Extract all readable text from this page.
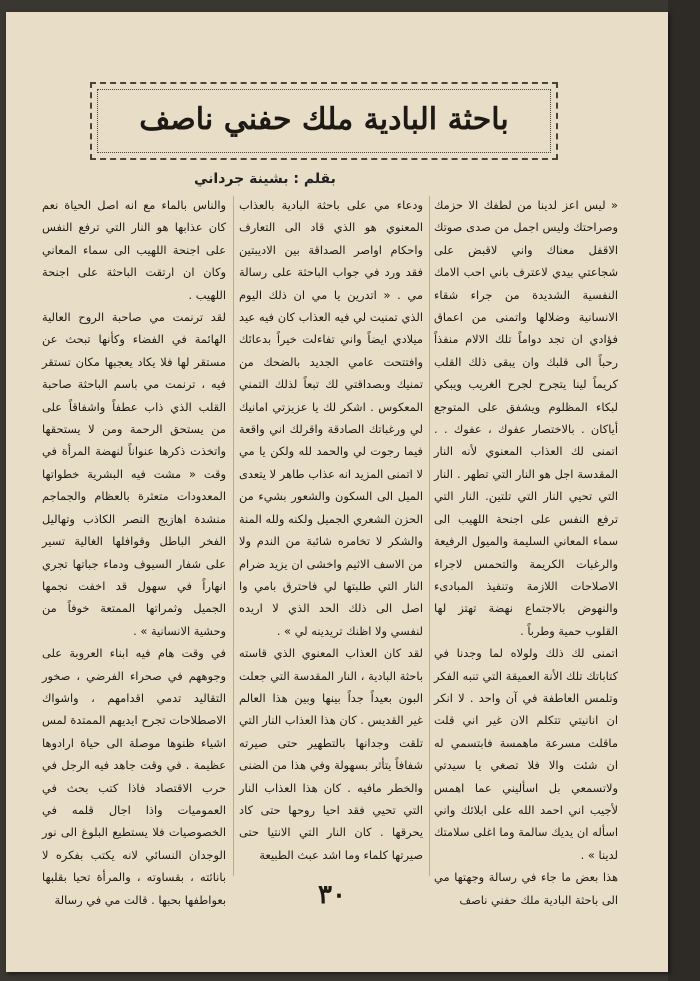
باحثة البادية ملك حفني ناصف
بقلم : بشينة جرداني

« ليس اعز لدينا من لطفك الا حزمك وصراحتك وليس اجمل من صدى صوتك الاقفل معناك واني لاقبض على شجاعتي بيدي لاعترف باني احب الامك النفسية الشديدة من جراء شقاء الانسانية وضلالها واتمنى من اعماق فؤادي ان تجد دواماً تلك الالام منفذاً رحباً الى قلبك وان يبقى ذلك القلب كريماً لينا يتجرح لجرح الغريب ويبكي لبكاء المظلوم ويشفق على المتوجع أياكان . بالاختصار عفوك ، عفوك . . اتمنى لك العذاب المعنوي لأنه النار المقدسة اجل هو النار التي تطهر . النار التي تحيي النار التي تلتين. النار التي ترفع النفس على اجنحة اللهيب الى سماء المعاني السليمة والميول الرفيعة والرغبات الكريمة والتحمس لاجراء الاصلاحات اللازمة وتنفيذ المبادىء والنهوض بالاجتماع نهضة تهتز لها القلوب حمية وطرباً .

اتمنى لك ذلك ولولاه لما وجدنا في كتاباتك تلك الأنة العميقة التي تنبه الفكر وتلمس العاطفة في آن واحد . لا انكر ان انانيتي تتكلم الان غير اني قلت ماقلت مسرعة ماهمسة فابتسمي له ان شئت والا فلا تصغي يا سيدتي ولاتسمعي بل اسأليني عما اهمس لأجيب اني احمد الله على ابلائك واني اسأله ان يديك سالمة وما اغلى سلامتك لدينا » .

هذا بعض ما جاء في رسالة وجهتها مي الى باحثة البادية ملك حفني ناصف

ودعاء مي على باحثة البادية بالعذاب المعنوي هو الذي قاد الى التعارف واحكام اواصر الصداقة بين الاديبتين فقد ورد في جواب الباحثة على رسالة مي . « اتدرين يا مي ان ذلك اليوم الذي تمنيت لي فيه العذاب كان فيه عيد ميلادي ايضاً واني تفاءلت خيراً بدعائك وافتتحت عامي الجديد بالضحك من تمنيك وبصداقتي لك تبعاً لذلك التمني المعكوس . اشكر لك يا عزيزتي امانيك لي ورغباتك الصادقة واقرلك اني واقعة فيما رجوت لي والحمد لله ولكن يا مي لا اتمنى المزيد انه عذاب طاهر لا يتعدى الميل الى السكون والشعور بشيء من الحزن الشعري الجميل ولكنه ولله المنة والشكر لا تخامره شائبة من الندم ولا من الاسف الاثيم واخشى ان يزيد ضرام النار التي طلبتها لي فاحترق بامي وا اصل الى ذلك الحد الذي لا اريده لنفسي ولا اظنك تريدينه لي » .

لقد كان العذاب المعنوي الذي قاسته باحثة البادية ، النار المقدسة التي جعلت البون بعيداً جداً بينها وبين هذا العالم غير القديس . كان هذا العذاب النار التي تلقت وجدانها بالتطهير حتى صيرته شفافاً يتأثر بسهولة وفي هذا من الضنى والخطر مافيه . كان هذا العذاب النار التي تحيي فقد احيا روحها حتى كاد يحرقها . كان النار التي الانتيا حتى صيرتها كلماء وما اشد عبث الطبيعة

والناس بالماء مع انه اصل الحياة نعم كان عذابها هو النار التي ترفع النفس على اجنحة اللهيب الى سماء المعاني وكان ان ارتقت الباحثة على اجنحة اللهيب .

لقد ترنمت مي صاحبة الروح العالية الهائمة في الفضاء وكأنها تبحث عن مستقر لها فلا يكاد يعجبها مكان تستقر فيه ، ترنمت مي باسم الباحثة صاحبة القلب الذي ذاب عطفاً واشفاقاً على من يستحق الرحمة ومن لا يستحقها واتخذت ذكرها عنواناً لنهضة المرأة في وقت « مشت فيه البشرية خطواتها المعدودات متعثرة بالعظام والجماجم منشدة اهازيج النصر الكاذب وتهاليل الفخر الباطل وقوافلها الغالية تسير على شفار السيوف ودماء جباتها تجري انهاراً في سهول قد اخفت نجمها الجميل وثمراتها الممتعة خوفاً من وحشية الانسانية » .

في وقت هام فيه ابناء العروبة على وجوههم في صحراء الفرضي ، صخور التقاليد تدمي اقدامهم ، واشواك الاصطلاحات تجرح ايديهم الممتدة لمس اشياء ظنوها موصلة الى حياة ارادوها عظيمة . في وقت جاهد فيه الرجل في حرب الاقتصاد فاذا كتب بحث في العموميات واذا اجال قلمه في الخصوصيات فلا يستطيع البلوغ الى نور الوجدان النسائي لانه يكتب بفكره لا بانائته ، بقساوته ، والمرأة تحيا بقلبها بعواطفها بحبها . قالت مي في رسالة	٣٠
